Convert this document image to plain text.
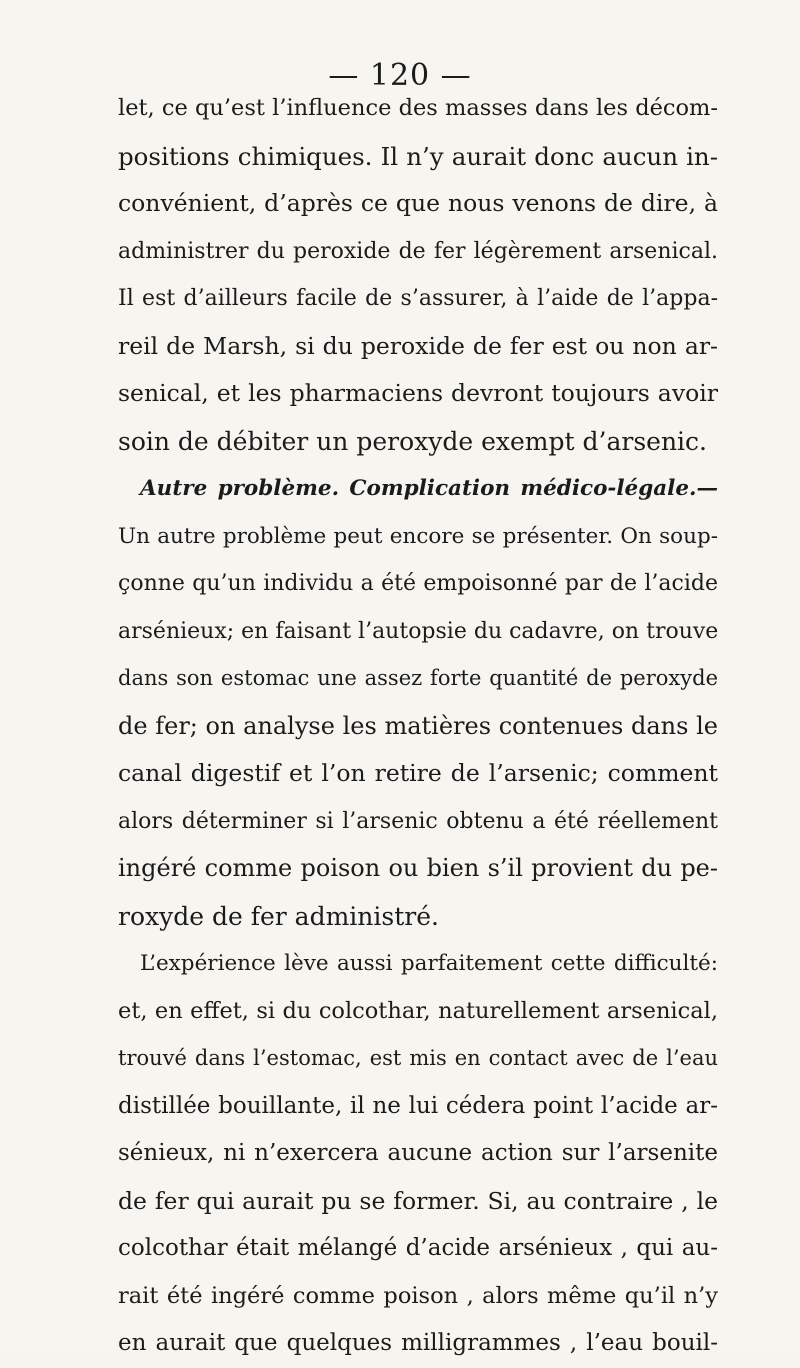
— 120 —
let, ce qu’est l’influence des masses dans les décom-
positions chimiques. Il n’y aurait donc aucun in-
convénient, d’après ce que nous venons de dire, à
administrer du peroxide de fer légèrement arsenical.
Il est d’ailleurs facile de s’assurer, à l’aide de l’appa-
reil de Marsh, si du peroxide de fer est ou non ar-
senical, et les pharmaciens devront toujours avoir
soin de débiter un peroxyde exempt d’arsenic.
Autre problème. Complication médico-légale.—
Un autre problème peut encore se présenter. On soup-
çonne qu’un individu a été empoisonné par de l’acide
arsénieux; en faisant l’autopsie du cadavre, on trouve
dans son estomac une assez forte quantité de peroxyde
de fer; on analyse les matières contenues dans le
canal digestif et l’on retire de l’arsenic; comment
alors déterminer si l’arsenic obtenu a été réellement
ingéré comme poison ou bien s’il provient du pe-
roxyde de fer administré.
L’expérience lève aussi parfaitement cette difficulté:
et, en effet, si du colcothar, naturellement arsenical,
trouvé dans l’estomac, est mis en contact avec de l’eau
distillée bouillante, il ne lui cédera point l’acide ar-
sénieux, ni n’exercera aucune action sur l’arsenite
de fer qui aurait pu se former. Si, au contraire , le
colcothar était mélangé d’acide arsénieux , qui au-
rait été ingéré comme poison , alors même qu’il n’y
en aurait que quelques milligrammes , l’eau bouil-
